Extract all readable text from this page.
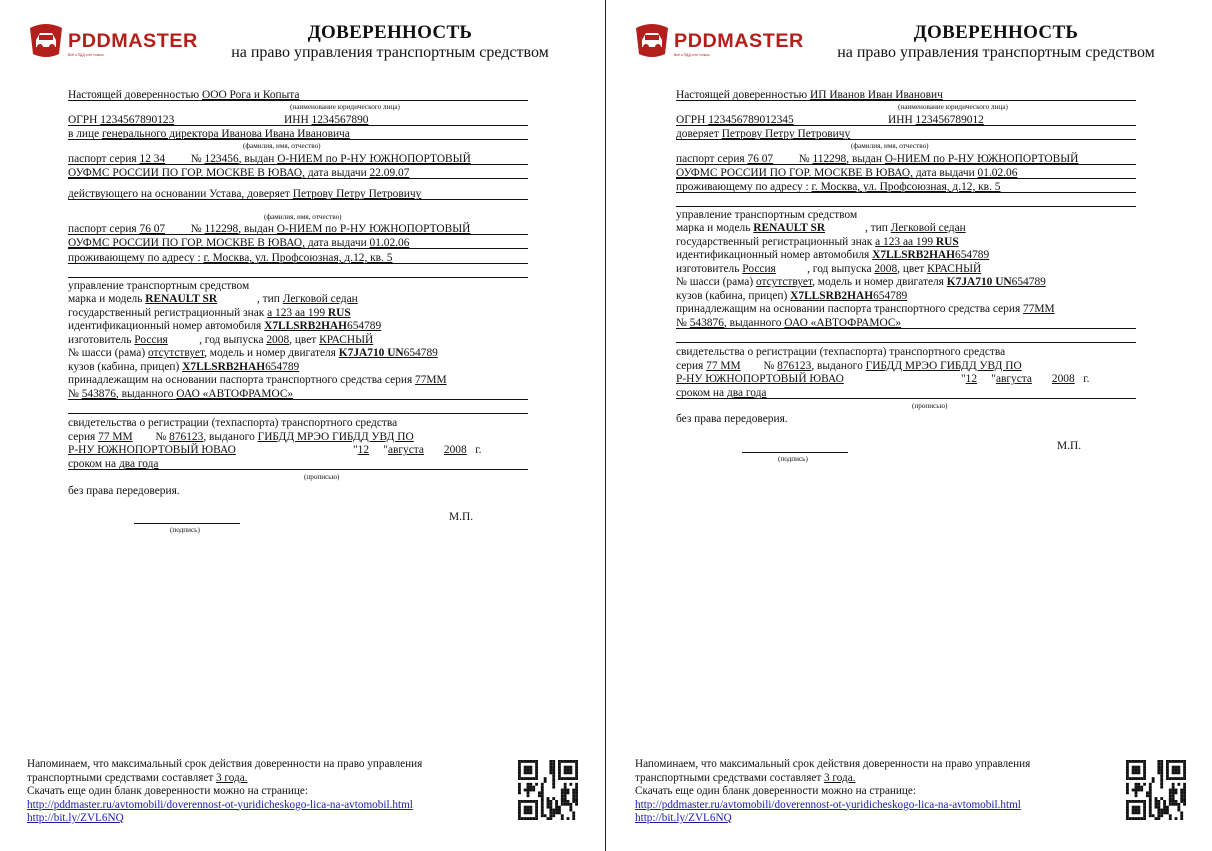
PDDMASTER
Всё о ПДД и не только
ДОВЕРЕННОСТЬ
на право управления транспортным средством
Настоящей доверенностью ООО Рога и Копыта
(наименование юридического лица)
ОГРН 1234567890123	ИНН 1234567890
в лице генерального директора Иванова Ивана Ивановича
(фамилия, имя, отчество)
паспорт серия 12 34 № 123456, выдан О-НИЕМ по Р-НУ ЮЖНОПОРТОВЫЙ
ОУФМС РОССИИ ПО ГОР. МОСКВЕ В ЮВАО, дата выдачи 22.09.07
действующего на основании Устава, доверяет Петрову Петру Петровичу
(фамилия, имя, отчество)
паспорт серия 76 07 № 112298, выдан О-НИЕМ по Р-НУ ЮЖНОПОРТОВЫЙ
ОУФМС РОССИИ ПО ГОР. МОСКВЕ В ЮВАО, дата выдачи 01.02.06
проживающему по адресу : г. Москва, ул. Профсоюзная, д.12, кв. 5
управление транспортным средством
марка и модель RENAULT SR	, тип Легковой седан
государственный регистрационный знак а 123 аа 199 RUS
идентификационный номер автомобиля X7LLSRB2HAH654789
изготовитель Россия	, год выпуска 2008, цвет КРАСНЫЙ
№ шасси (рама) отсутствует, модель и номер двигателя K7JA710 UN654789
кузов (кабина, прицеп) X7LLSRB2HAH654789
принадлежащим на основании паспорта транспортного средства серия 77ММ
№ 543876, выданного ОАО «АВТОФРАМОС»
свидетельства о регистрации (техпаспорта) транспортного средства
серия 77 ММ № 876123, выданого ГИБДД МРЭО ГИБДД УВД ПО
Р-НУ ЮЖНОПОРТОВЫЙ ЮВАО	"12     "августа 2008   г.
сроком на два года
(прописью)
без права передоверия.
(подпись)
М.П.
Напоминаем, что максимальный срок действия доверенности на право управления
транспортными средствами составляет 3 года.
Скачать еще один бланк доверенности можно на странице:
http://pddmaster.ru/avtomobili/doverennost-ot-yuridicheskogo-lica-na-avtomobil.html
http://bit.ly/ZVL6NQ
PDDMASTER
Всё о ПДД и не только
ДОВЕРЕННОСТЬ
на право управления транспортным средством
Настоящей доверенностью ИП Иванов Иван Иванович
(наименование юридического лица)
ОГРН 123456789012345	ИНН 123456789012
доверяет Петрову Петру Петровичу
(фамилия, имя, отчество)
паспорт серия 76 07 № 112298, выдан О-НИЕМ по Р-НУ ЮЖНОПОРТОВЫЙ
ОУФМС РОССИИ ПО ГОР. МОСКВЕ В ЮВАО, дата выдачи 01.02.06
проживающему по адресу : г. Москва, ул. Профсоюзная, д.12, кв. 5
управление транспортным средством
марка и модель RENAULT SR	, тип Легковой седан
государственный регистрационный знак а 123 аа 199 RUS
идентификационный номер автомобиля X7LLSRB2HAH654789
изготовитель Россия	, год выпуска 2008, цвет КРАСНЫЙ
№ шасси (рама) отсутствует, модель и номер двигателя K7JA710 UN654789
кузов (кабина, прицеп) X7LLSRB2HAH654789
принадлежащим на основании паспорта транспортного средства серия 77ММ
№ 543876, выданного ОАО «АВТОФРАМОС»
свидетельства о регистрации (техпаспорта) транспортного средства
серия 77 ММ № 876123, выданого ГИБДД МРЭО ГИБДД УВД ПО
Р-НУ ЮЖНОПОРТОВЫЙ ЮВАО	"12     "августа 2008   г.
сроком на два года
(прописью)
без права передоверия.
(подпись)
М.П.
Напоминаем, что максимальный срок действия доверенности на право управления
транспортными средствами составляет 3 года.
Скачать еще один бланк доверенности можно на странице:
http://pddmaster.ru/avtomobili/doverennost-ot-yuridicheskogo-lica-na-avtomobil.html
http://bit.ly/ZVL6NQ
